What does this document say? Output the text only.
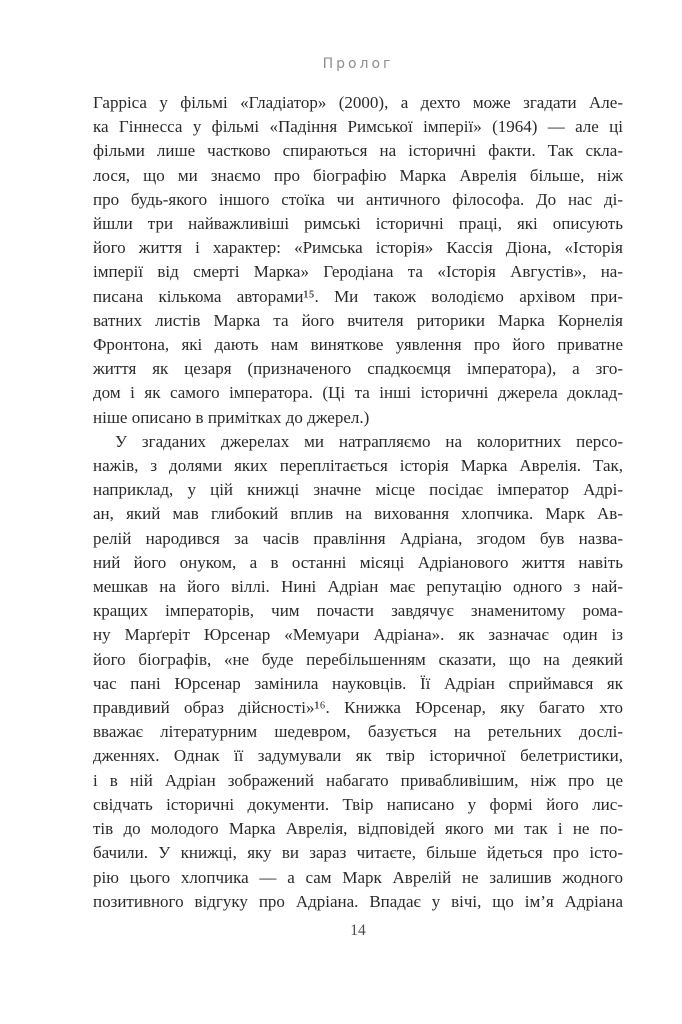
Пролог
Гарріса у фільмі «Гладіатор» (2000), а дехто може згадати Але-
ка Гіннесса у фільмі «Падіння Римської імперії» (1964) — але ці
фільми лише частково спираються на історичні факти. Так скла-
лося, що ми знаємо про біографію Марка Аврелія більше, ніж
про будь-якого іншого стоїка чи античного філософа. До нас ді-
йшли три найважливіші римські історичні праці, які описують
його життя і характер: «Римська історія» Кассія Діона, «Історія
імперії від смерті Марка» Геродіана та «Історія Августів», на-
писана кількома авторами¹⁵. Ми також володіємо архівом при-
ватних листів Марка та його вчителя риторики Марка Корнелія
Фронтона, які дають нам виняткове уявлення про його приватне
життя як цезаря (призначеного спадкоємця імператора), а зго-
дом і як самого імператора. (Ці та інші історичні джерела доклад-
ніше описано в примітках до джерел.)
У згаданих джерелах ми натрапляємо на колоритних персо-
нажів, з долями яких переплітається історія Марка Аврелія. Так,
наприклад, у цій книжці значне місце посідає імператор Адрі-
ан, який мав глибокий вплив на виховання хлопчика. Марк Ав-
релій народився за часів правління Адріана, згодом був назва-
ний його онуком, а в останні місяці Адріанового життя навіть
мешкав на його віллі. Нині Адріан має репутацію одного з най-
кращих імператорів, чим почасти завдячує знаменитому рома-
ну Марґеріт Юрсенар «Мемуари Адріана». як зазначає один із
його біографів, «не буде перебільшенням сказати, що на деякий
час пані Юрсенар замінила науковців. Її Адріан сприймався як
правдивий образ дійсності»¹⁶. Книжка Юрсенар, яку багато хто
вважає літературним шедевром, базується на ретельних дослі-
дженнях. Однак її задумували як твір історичної белетристики,
і в ній Адріан зображений набагато привабливішим, ніж про це
свідчать історичні документи. Твір написано у формі його лис-
тів до молодого Марка Аврелія, відповідей якого ми так і не по-
бачили. У книжці, яку ви зараз читаєте, більше йдеться про істо-
рію цього хлопчика — а сам Марк Аврелій не залишив жодного
позитивного відгуку про Адріана. Впадає у вічі, що ім’я Адріана
14
